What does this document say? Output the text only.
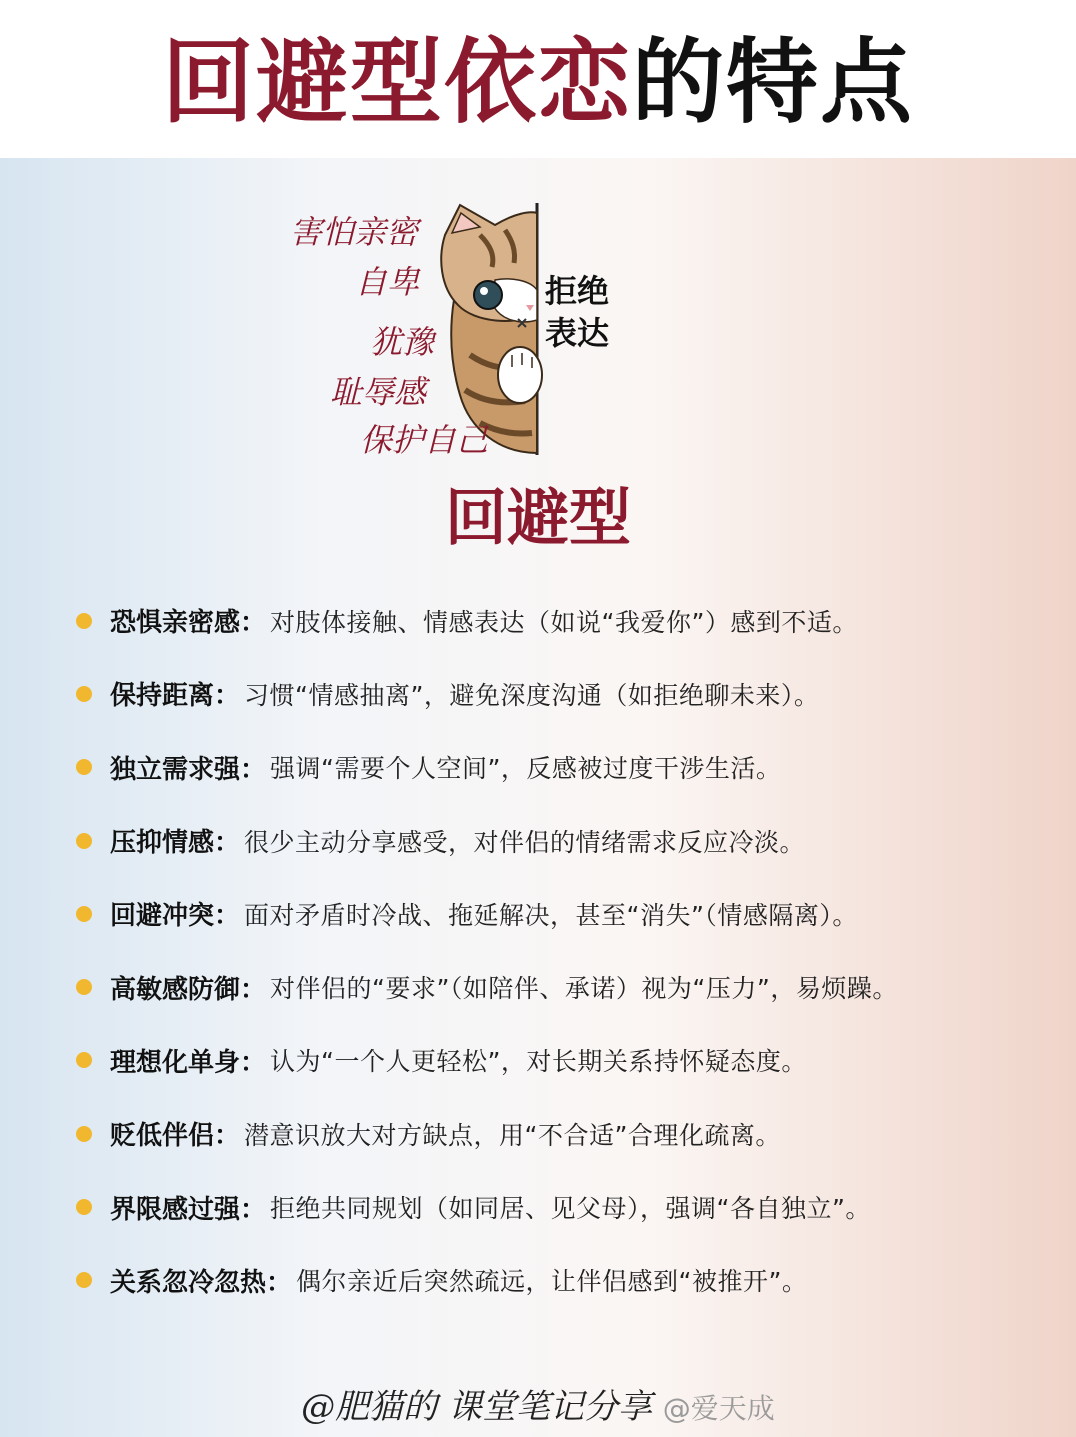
回避型依恋的特点
害怕亲密
自卑
犹豫
耻辱感
保护自己
拒绝
表达
回避型
恐惧亲密感 ： 对肢体接触、情感表达（如说“我爱你”）感到不适。
保持距离 ： 习惯“情感抽离”，避免深度沟通（如拒绝聊未来）。
独立需求强 ： 强调“需要个人空间”，反感被过度干涉生活。
压抑情感 ： 很少主动分享感受，对伴侣的情绪需求反应冷淡。
回避冲突 ： 面对矛盾时冷战、拖延解决，甚至“消失”（情感隔离）。
高敏感防御 ： 对伴侣的“要求”（如陪伴、承诺）视为“压力”，易烦躁。
理想化单身 ： 认为“一个人更轻松”，对长期关系持怀疑态度。
贬低伴侣 ： 潜意识放大对方缺点，用“不合适”合理化疏离。
界限感过强 ： 拒绝共同规划（如同居、见父母），强调“各自独立”。
关系忽冷忽热 ： 偶尔亲近后突然疏远，让伴侣感到“被推开”。
@肥猫的 课堂笔记分享 @爱天成
